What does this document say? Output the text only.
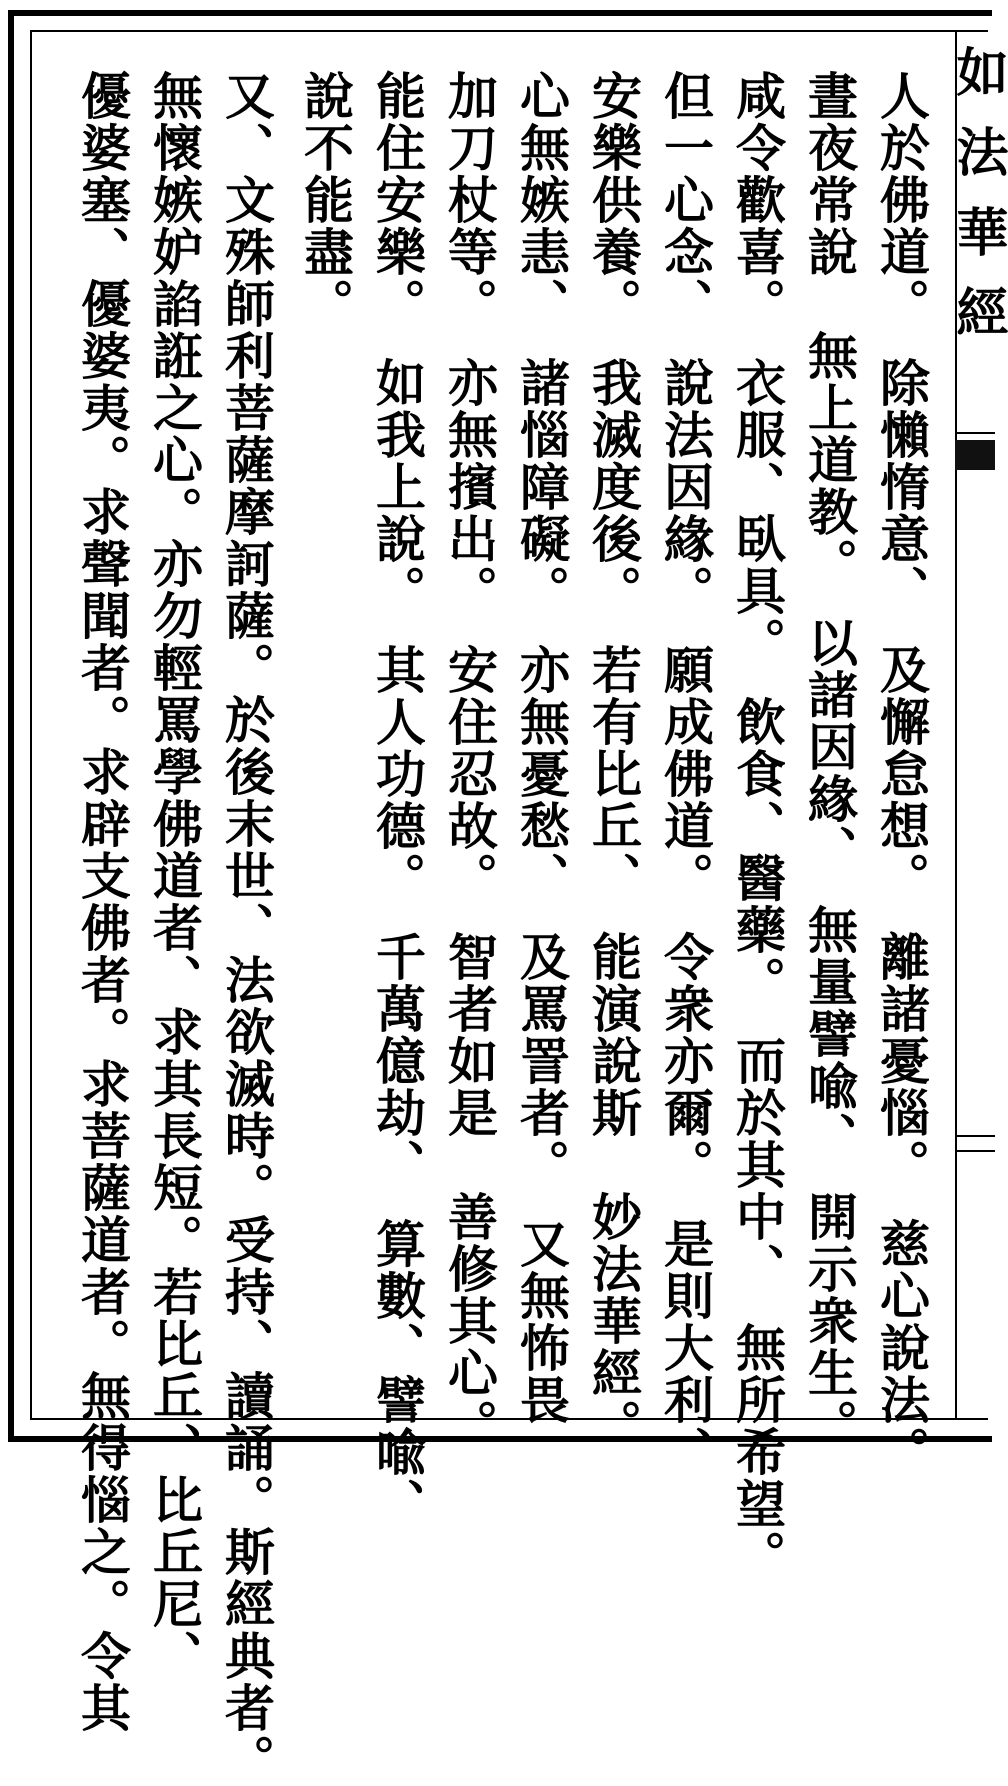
如法華經
人於佛道。　除懶惰意、　及懈怠想。　離諸憂惱。　慈心說法。
晝夜常說　無上道教。　以諸因緣、　無量譬喩、　開示衆生。
咸令歡喜。　衣服、臥具。　飲食、醫藥。　而於其中、　無所希望。
但一心念、　說法因緣。　願成佛道。　令衆亦爾。　是則大利、
安樂供養。　我滅度後。　若有比丘、　能演說斯　妙法華經。
心無嫉恚、　諸惱障礙。　亦無憂愁、　及罵詈者。　又無怖畏
加刀杖等。　亦無擯出。　安住忍故。　智者如是　善修其心。
能住安樂。　如我上說。　其人功德。　千萬億劫、　算數、譬喩、
說不能盡。
又、文殊師利菩薩摩訶薩。於後末世、法欲滅時。受持、讀誦。斯經典者。
無懷嫉妒諂誑之心。亦勿輕罵學佛道者、求其長短。若比丘、比丘尼、
優婆塞、優婆夷。求聲聞者。求辟支佛者。求菩薩道者。無得惱之。令其
